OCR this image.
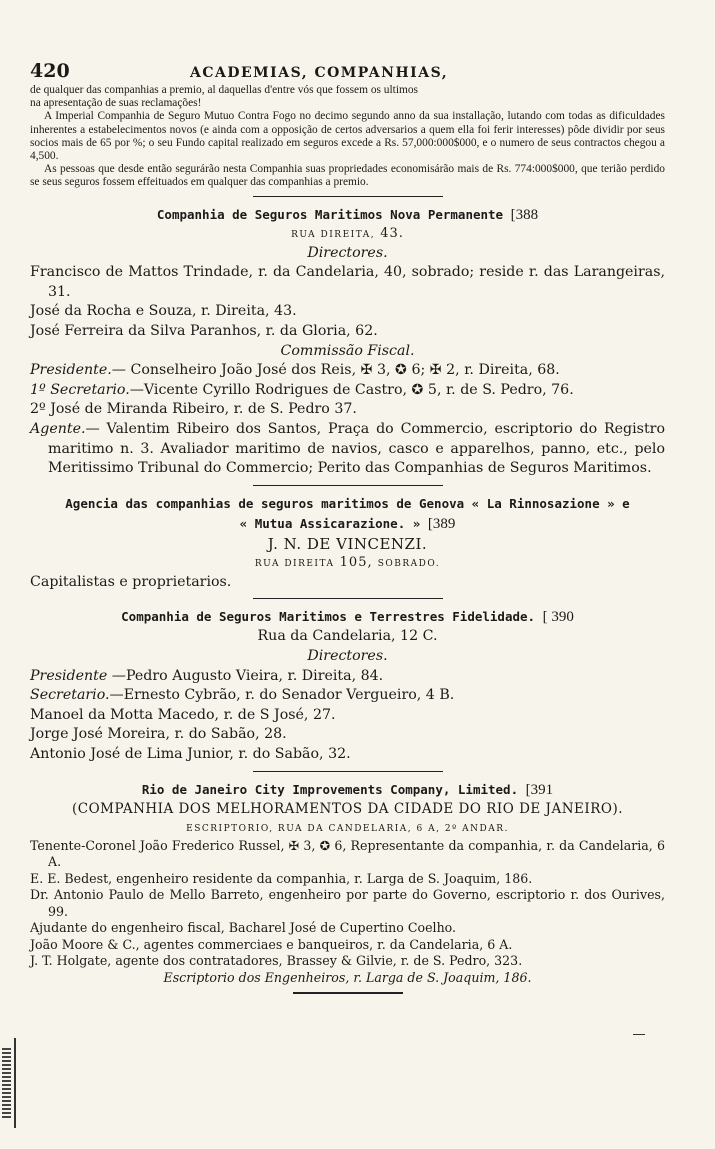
420	ACADEMIAS, COMPANHIAS,

de qualquer das companhias a premio, al daquellas d'entre vós que fossem os ultimos

na apresentação de suas reclamações!

A Imperial Companhia de Seguro Mutuo Contra Fogo no decimo segundo anno da sua installação, lutando com todas as dificuldades inherentes a estabelecimentos novos (e ainda com a opposição de certos adversarios a quem ella foi ferir interesses) pôde dividir por seus socios mais de 65 por %; o seu Fundo capital realizado em seguros excede a Rs. 57,000:000$000, e o numero de seus contractos chegou a 4,500.

As pessoas que desde então segurárão nesta Companhia suas propriedades economisárão mais de Rs. 774:000$000, que terião perdido se seus seguros fossem effeituados em qualquer das companhias a premio.

Companhia de Seguros Maritimos Nova Permanente [388
RUA DIREITA, 43.
Directores.
Francisco de Mattos Trindade, r. da Candelaria, 40, sobrado; reside r. das Larangeiras, 31.
José da Rocha e Souza, r. Direita, 43.
José Ferreira da Silva Paranhos, r. da Gloria, 62.
Commissão Fiscal.
Presidente.— Conselheiro João José dos Reis, ✠ 3, ✪ 6; ✠ 2, r. Direita, 68.
1º Secretario.—Vicente Cyrillo Rodrigues de Castro, ✪ 5, r. de S. Pedro, 76.
2º José de Miranda Ribeiro, r. de S. Pedro 37.
Agente.— Valentim Ribeiro dos Santos, Praça do Commercio, escriptorio do Registro maritimo n. 3. Avaliador maritimo de navios, casco e apparelhos, panno, etc., pelo Meritissimo Tribunal do Commercio; Perito das Companhias de Seguros Maritimos.
Agencia das companhias de seguros maritimos de Genova « La Rinnosazione » e
« Mutua Assicarazione. » [389
J. N. DE VINCENZI.
RUA DIREITA 105, SOBRADO.
Capitalistas e proprietarios.
Companhia de Seguros Maritimos e Terrestres Fidelidade. [ 390
Rua da Candelaria, 12 C.
Directores.
Presidente —Pedro Augusto Vieira, r. Direita, 84.
Secretario.—Ernesto Cybrão, r. do Senador Vergueiro, 4 B.
Manoel da Motta Macedo, r. de S José, 27.
Jorge José Moreira, r. do Sabão, 28.
Antonio José de Lima Junior, r. do Sabão, 32.
Rio de Janeiro City Improvements Company, Limited. [391
(COMPANHIA DOS MELHORAMENTOS DA CIDADE DO RIO DE JANEIRO).
ESCRIPTORIO, RUA DA CANDELARIA, 6 A, 2º ANDAR.
Tenente-Coronel João Frederico Russel, ✠ 3, ✪ 6, Representante da companhia, r. da Candelaria, 6 A.
E. E. Bedest, engenheiro residente da companhia, r. Larga de S. Joaquim, 186.
Dr. Antonio Paulo de Mello Barreto, engenheiro por parte do Governo, escriptorio r. dos Ourives, 99.
Ajudante do engenheiro fiscal, Bacharel José de Cupertino Coelho.
João Moore & C., agentes commerciaes e banqueiros, r. da Candelaria, 6 A.
J. T. Holgate, agente dos contratadores, Brassey & Gilvie, r. de S. Pedro, 323.
Escriptorio dos Engenheiros, r. Larga de S. Joaquim, 186.
